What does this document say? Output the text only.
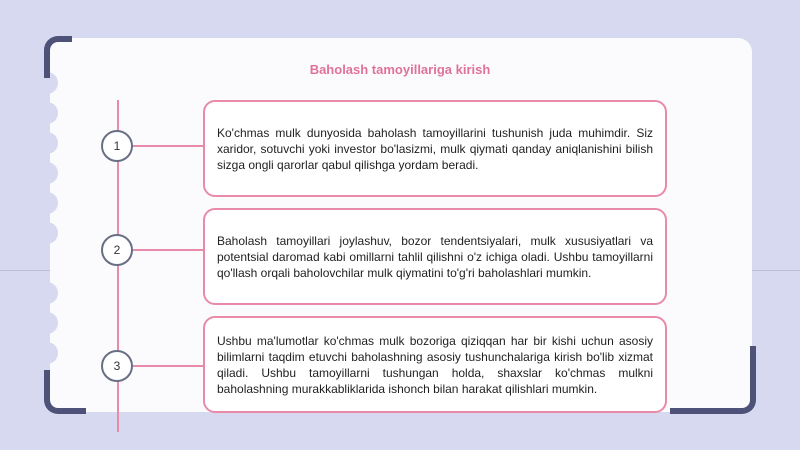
Baholash tamoyillariga kirish
1

Ko'chmas mulk dunyosida baholash tamoyillarini tushunish juda muhimdir. Siz xaridor, sotuvchi yoki investor bo'lasizmi, mulk qiymati qanday aniqlanishini bilish sizga ongli qarorlar qabul qilishga yordam beradi.

2

Baholash tamoyillari joylashuv, bozor tendentsiyalari, mulk xususiyatlari va potentsial daromad kabi omillarni tahlil qilishni o'z ichiga oladi. Ushbu tamoyillarni qo'llash orqali baholovchilar mulk qiymatini to'g'ri baholashlari mumkin.

3

Ushbu ma'lumotlar ko'chmas mulk bozoriga qiziqqan har bir kishi uchun asosiy bilimlarni taqdim etuvchi baholashning asosiy tushunchalariga kirish bo'lib xizmat qiladi. Ushbu tamoyillarni tushungan holda, shaxslar ko'chmas mulkni baholashning murakkabliklarida ishonch bilan harakat qilishlari mumkin.
